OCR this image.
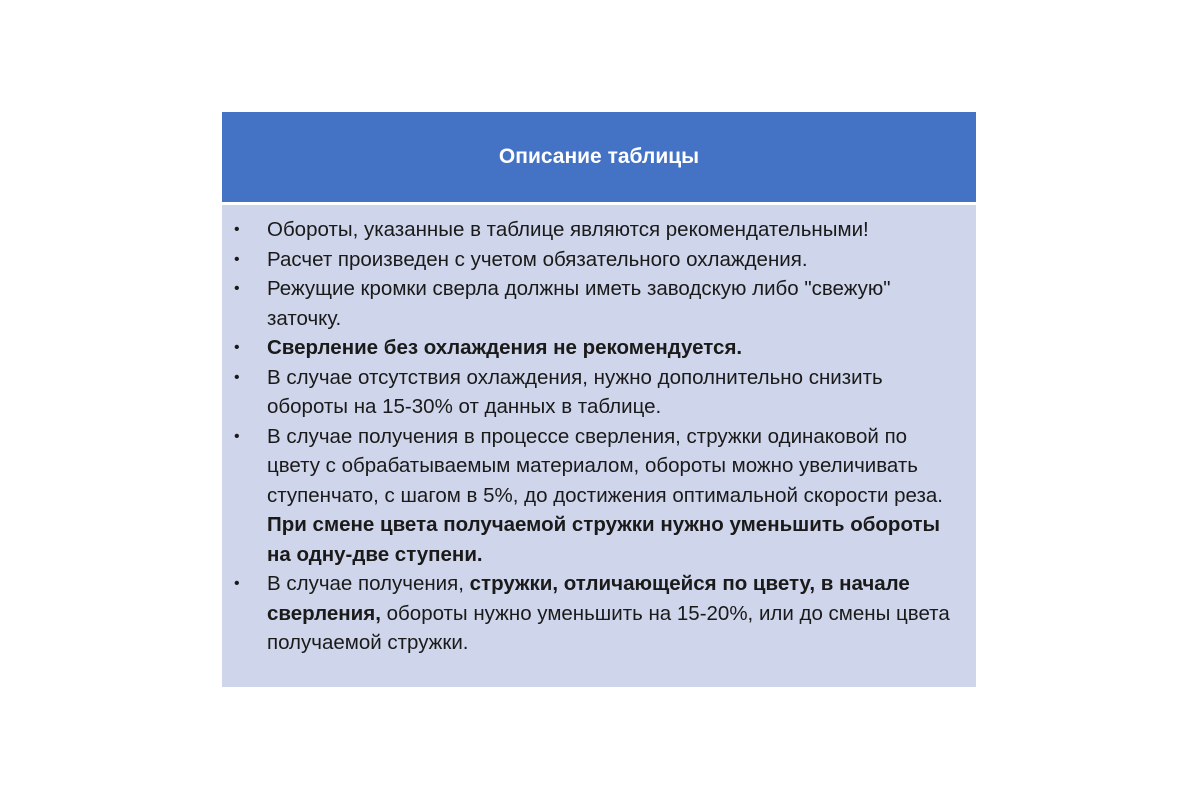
Описание таблицы
• Обороты, указанные в таблице являются рекомендательными!
• Расчет произведен с учетом обязательного охлаждения.
• Режущие кромки сверла должны иметь заводскую либо "свежую" заточку.
• Сверление без охлаждения не рекомендуется.
• В случае отсутствия охлаждения, нужно дополнительно снизить обороты на 15-30% от данных в таблице.
• В случае получения в процессе сверления, стружки одинаковой по цвету с обрабатываемым материалом, обороты можно увеличивать ступенчато, с шагом в 5%, до достижения оптимальной скорости реза. При смене цвета получаемой стружки нужно уменьшить обороты на одну-две ступени.
• В случае получения, стружки, отличающейся по цвету, в начале сверления, обороты нужно уменьшить на 15-20%, или до смены цвета получаемой стружки.
